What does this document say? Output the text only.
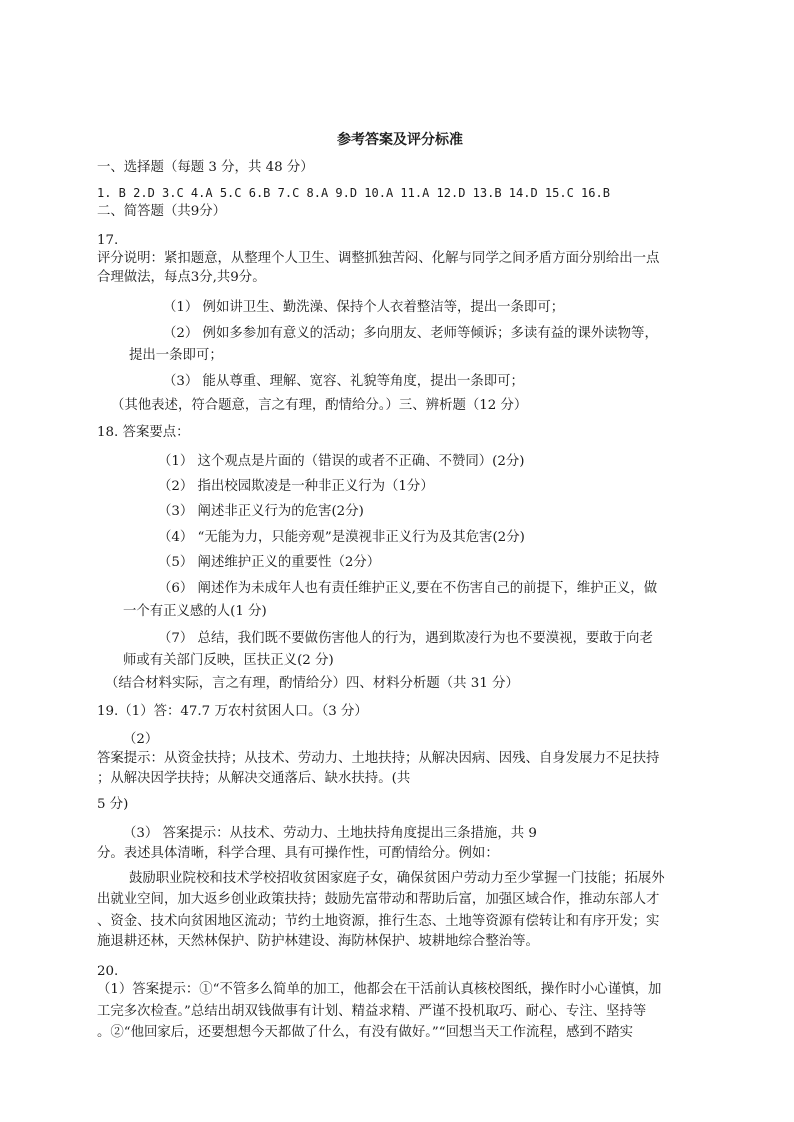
参考答案及评分标准
一、选择题（每题 3 分，共 48 分）
1. B 2.D 3.C 4.A 5.C 6.B 7.C 8.A 9.D 10.A 11.A 12.D 13.B 14.D 15.C 16.B
二、简答题（共9分）
17.
评分说明：紧扣题意，从整理个人卫生、调整抓独苦闷、化解与同学之间矛盾方面分别给出一点
合理做法，每点3分,共9分。
（1） 例如讲卫生、勤洗澡、保持个人衣着整洁等，提出一条即可；
（2） 例如多参加有意义的活动；多向朋友、老师等倾诉；多读有益的课外读物等，
提出一条即可；
（3） 能从尊重、理解、宽容、礼貌等角度，提出一条即可；
（其他表述，符合题意，言之有理，酌情给分。）三、辨析题（12 分）
18. 答案要点：
（1） 这个观点是片面的（错误的或者不正确、不赞同）(2分)
（2） 指出校园欺凌是一种非正义行为（1分）
（3） 阐述非正义行为的危害(2分)
（4） “无能为力，只能旁观”是漠视非正义行为及其危害(2分)
（5） 阐述维护正义的重要性（2分）
（6） 阐述作为未成年人也有责任维护正义,要在不伤害自己的前提下，维护正义，做
一个有正义感的人(1 分)
（7） 总结，我们既不要做伤害他人的行为，遇到欺凌行为也不要漠视，要敢于向老
师或有关部门反映，匡扶正义(2 分)
（结合材料实际，言之有理，酌情给分）四、材料分析题（共 31 分）
19.（1）答：47.7 万农村贫困人口。（3 分）
（2）
答案提示：从资金扶持；从技术、劳动力、土地扶持；从解决因病、因残、自身发展力不足扶持
；从解决因学扶持；从解决交通落后、缺水扶持。(共
5 分)
（3） 答案提示：从技术、劳动力、土地扶持角度提出三条措施，共 9
分。表述具体清晰，科学合理、具有可操作性，可酌情给分。例如：
鼓励职业院校和技术学校招收贫困家庭子女，确保贫困户劳动力至少掌握一门技能；拓展外
出就业空间，加大返乡创业政策扶持；鼓励先富带动和帮助后富，加强区域合作，推动东部人才
、资金、技术向贫困地区流动；节约土地资源，推行生态、土地等资源有偿转让和有序开发；实
施退耕还林，天然林保护、防护林建设、海防林保护、坡耕地综合整治等。
20.
（1）答案提示：①“不管多么简单的加工，他都会在干活前认真核校图纸，操作时小心谨慎，加
工完多次检查。”总结出胡双钱做事有计划、精益求精、严谨不投机取巧、耐心、专注、坚持等
。②“他回家后，还要想想今天都做了什么，有没有做好。”“回想当天工作流程，感到不踏实
